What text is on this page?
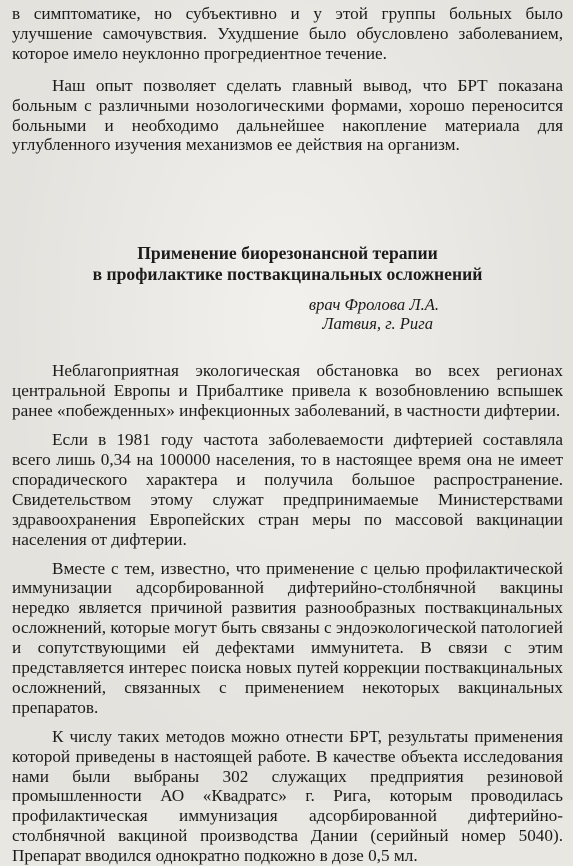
в симптоматике, но субъективно и у этой группы больных было улучшение самочувствия. Ухудшение было обусловлено заболеванием, которое имело неуклонно прогредиентное течение.

Наш опыт позволяет сделать главный вывод, что БРТ показана больным с различными нозологическими формами, хорошо переносится больными и необходимо дальнейшее накопление материала для углубленного изучения механизмов ее действия на организм.

Применение биорезонансной терапии
в профилактике поствакцинальных осложнений
врач Фролова Л.А.
Латвия, г. Рига

Неблагоприятная экологическая обстановка во всех регионах центральной Европы и Прибалтике привела к возобновлению вспышек ранее «побежденных» инфекционных заболеваний, в частности дифтерии.

Если в 1981 году частота заболеваемости дифтерией составляла всего лишь 0,34 на 100000 населения, то в настоящее время она не имеет спорадического характера и получила большое распространение. Свидетельством этому служат предпринимаемые Министерствами здравоохранения Европейских стран меры по массовой вакцинации населения от дифтерии.

Вместе с тем, известно, что применение с целью профилактической иммунизации адсорбированной дифтерийно-столбнячной вакцины нередко является причиной развития разнообразных поствакцинальных осложнений, которые могут быть связаны с эндоэкологической патологией и сопутствующими ей дефектами иммунитета. В связи с этим представляется интерес поиска новых путей коррекции поствакцинальных осложнений, связанных с применением некоторых вакцинальных препаратов.

К числу таких методов можно отнести БРТ, результаты применения которой приведены в настоящей работе. В качестве объекта исследования нами были выбраны 302 служащих предприятия резиновой промышленности АО «Квадратс» г. Рига, которым проводилась профилактическая иммунизация адсорбированной дифтерийно-столбнячной вакциной производства Дании (серийный номер 5040). Препарат вводился однократно подкожно в дозе 0,5 мл.
